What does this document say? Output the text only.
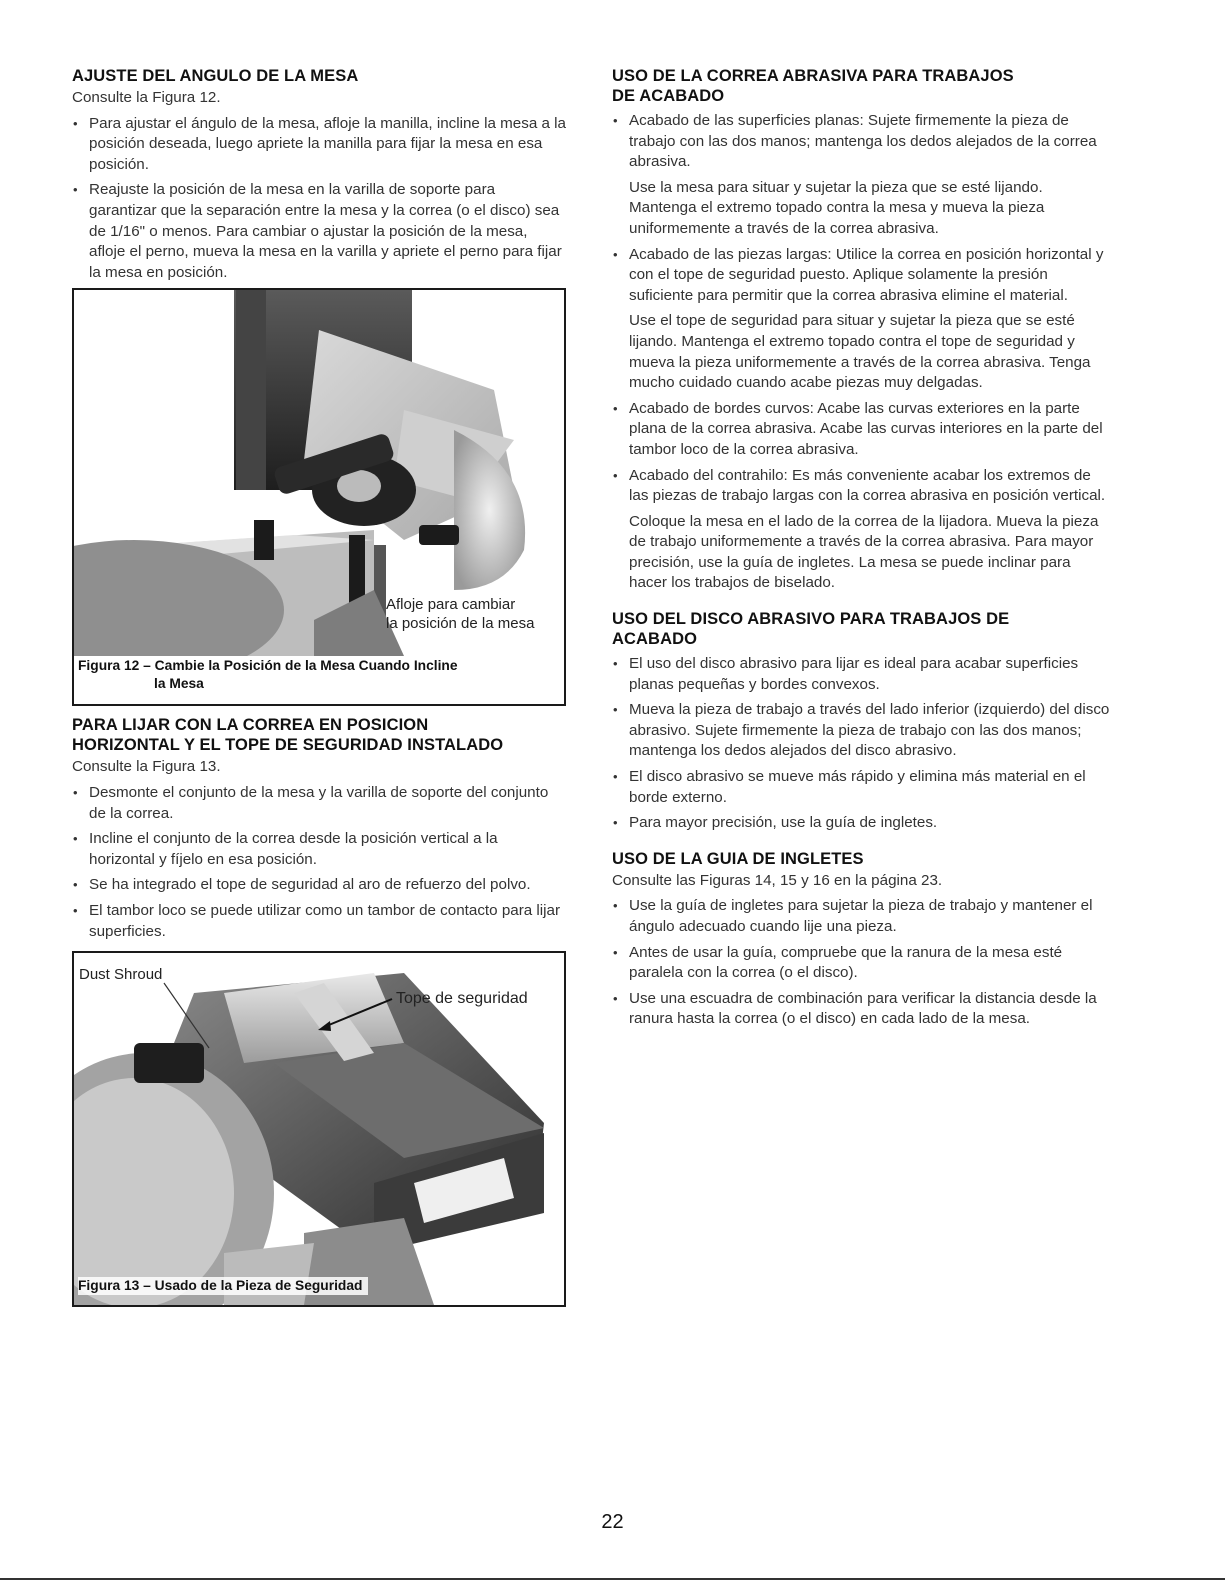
AJUSTE DEL ANGULO DE LA MESA

Consulte la Figura 12.

• Para ajustar el ángulo de la mesa, afloje la manilla, incline la mesa a la posición deseada, luego apriete la manilla para fijar la mesa en esa posición.
• Reajuste la posición de la mesa en la varilla de soporte para garantizar que la separación entre la mesa y la correa (o el disco) sea de 1/16" o menos. Para cambiar o ajustar la posición de la mesa, afloje el perno, mueva la mesa en la varilla y apriete el perno para fijar la mesa en posición.
Afloje para cambiar
la posición de la mesa
Figura 12 – Cambie la Posición de la Mesa Cuando Incline
la Mesa
PARA LIJAR CON LA CORREA EN POSICION
HORIZONTAL Y EL TOPE DE SEGURIDAD INSTALADO

Consulte la Figura 13.

• Desmonte el conjunto de la mesa y la varilla de soporte del conjunto de la correa.
• Incline el conjunto de la correa desde la posición vertical a la horizontal y fíjelo en esa posición.
• Se ha integrado el tope de seguridad al aro de refuerzo del polvo.
• El tambor loco se puede utilizar como un tambor de contacto para lijar superficies.
Dust Shroud
Tope de seguridad
Figura 13 – Usado de la Pieza de Seguridad
USO DE LA CORREA ABRASIVA PARA TRABAJOS
DE ACABADO

• Acabado de las superficies planas: Sujete firmemente la pieza de trabajo con las dos manos; mantenga los dedos alejados de la correa abrasiva.

Use la mesa para situar y sujetar la pieza que se esté lijando. Mantenga el extremo topado contra la mesa y mueva la pieza uniformemente a través de la correa abrasiva.

• Acabado de las piezas largas: Utilice la correa en posición horizontal y con el tope de seguridad puesto. Aplique solamente la presión suficiente para permitir que la correa abrasiva elimine el material.

Use el tope de seguridad para situar y sujetar la pieza que se esté lijando. Mantenga el extremo topado contra el tope de seguridad y mueva la pieza uniformemente a través de la correa abrasiva. Tenga mucho cuidado cuando acabe piezas muy delgadas.

• Acabado de bordes curvos: Acabe las curvas exteriores en la parte plana de la correa abrasiva. Acabe las curvas interiores en la parte del tambor loco de la correa abrasiva.

• Acabado del contrahilo: Es más conveniente acabar los extremos de las piezas de trabajo largas con la correa abrasiva en posición vertical.

Coloque la mesa en el lado de la correa de la lijadora. Mueva la pieza de trabajo uniformemente a través de la correa abrasiva. Para mayor precisión, use la guía de ingletes. La mesa se puede inclinar para hacer los trabajos de biselado.

USO DEL DISCO ABRASIVO PARA TRABAJOS DE
ACABADO
• El uso del disco abrasivo para lijar es ideal para acabar superficies planas pequeñas y bordes convexos.
• Mueva la pieza de trabajo a través del lado inferior (izquierdo) del disco abrasivo. Sujete firmemente la pieza de trabajo con las dos manos; mantenga los dedos alejados del disco abrasivo.
• El disco abrasivo se mueve más rápido y elimina más material en el borde externo.
• Para mayor precisión, use la guía de ingletes.
USO DE LA GUIA DE INGLETES

Consulte las Figuras 14, 15 y 16 en la página 23.

• Use la guía de ingletes para sujetar la pieza de trabajo y mantener el ángulo adecuado cuando lije una pieza.
• Antes de usar la guía, compruebe que la ranura de la mesa esté paralela con la correa (o el disco).
• Use una escuadra de combinación para verificar la distancia desde la ranura hasta la correa (o el disco) en cada lado de la mesa.
22
